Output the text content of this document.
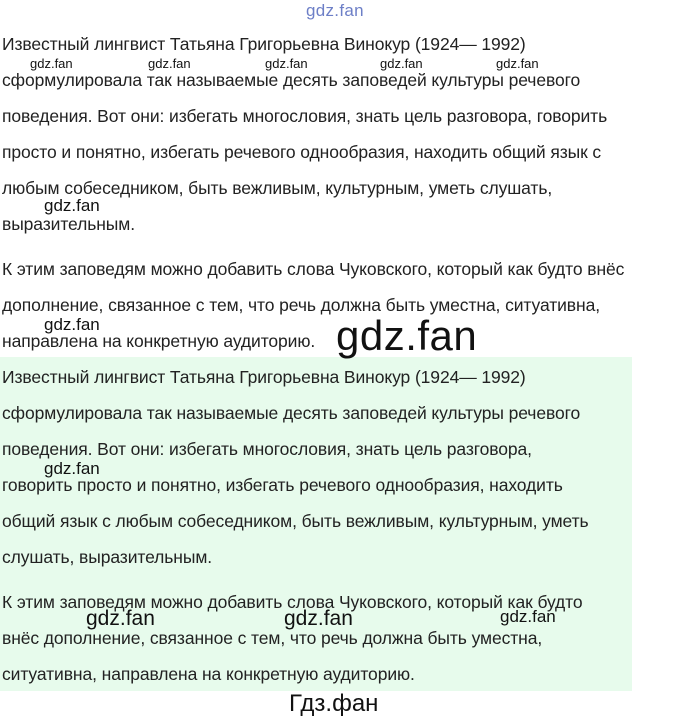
gdz.fan
Известный лингвист Татьяна Григорьевна Винокур (1924— 1992)
сформулировала так называемые десять заповедей культуры речевого
поведения. Вот они: избегать многословия, знать цель разговора, говорить
просто и понятно, избегать речевого однообразия, находить общий язык с
любым собеседником, быть вежливым, культурным, уметь слушать,
выразительным.
К этим заповедям можно добавить слова Чуковского, который как будто внёс
дополнение, связанное с тем, что речь должна быть уместна, ситуативна,
направлена на конкретную аудиторию.
Известный лингвист Татьяна Григорьевна Винокур (1924— 1992)
сформулировала так называемые десять заповедей культуры речевого
поведения. Вот они: избегать многословия, знать цель разговора,
говорить просто и понятно, избегать речевого однообразия, находить
общий язык с любым собеседником, быть вежливым, культурным, уметь
слушать, выразительным.
К этим заповедям можно добавить слова Чуковского, который как будто
внёс дополнение, связанное с тем, что речь должна быть уместна,
ситуативна, направлена на конкретную аудиторию.
gdz.fan	gdz.fan	gdz.fan	gdz.fan	gdz.fan
gdz.fan
gdz.fan	gdz.fan
gdz.fan
gdz.fan	gdz.fan	gdz.fan
Гдз.фан
